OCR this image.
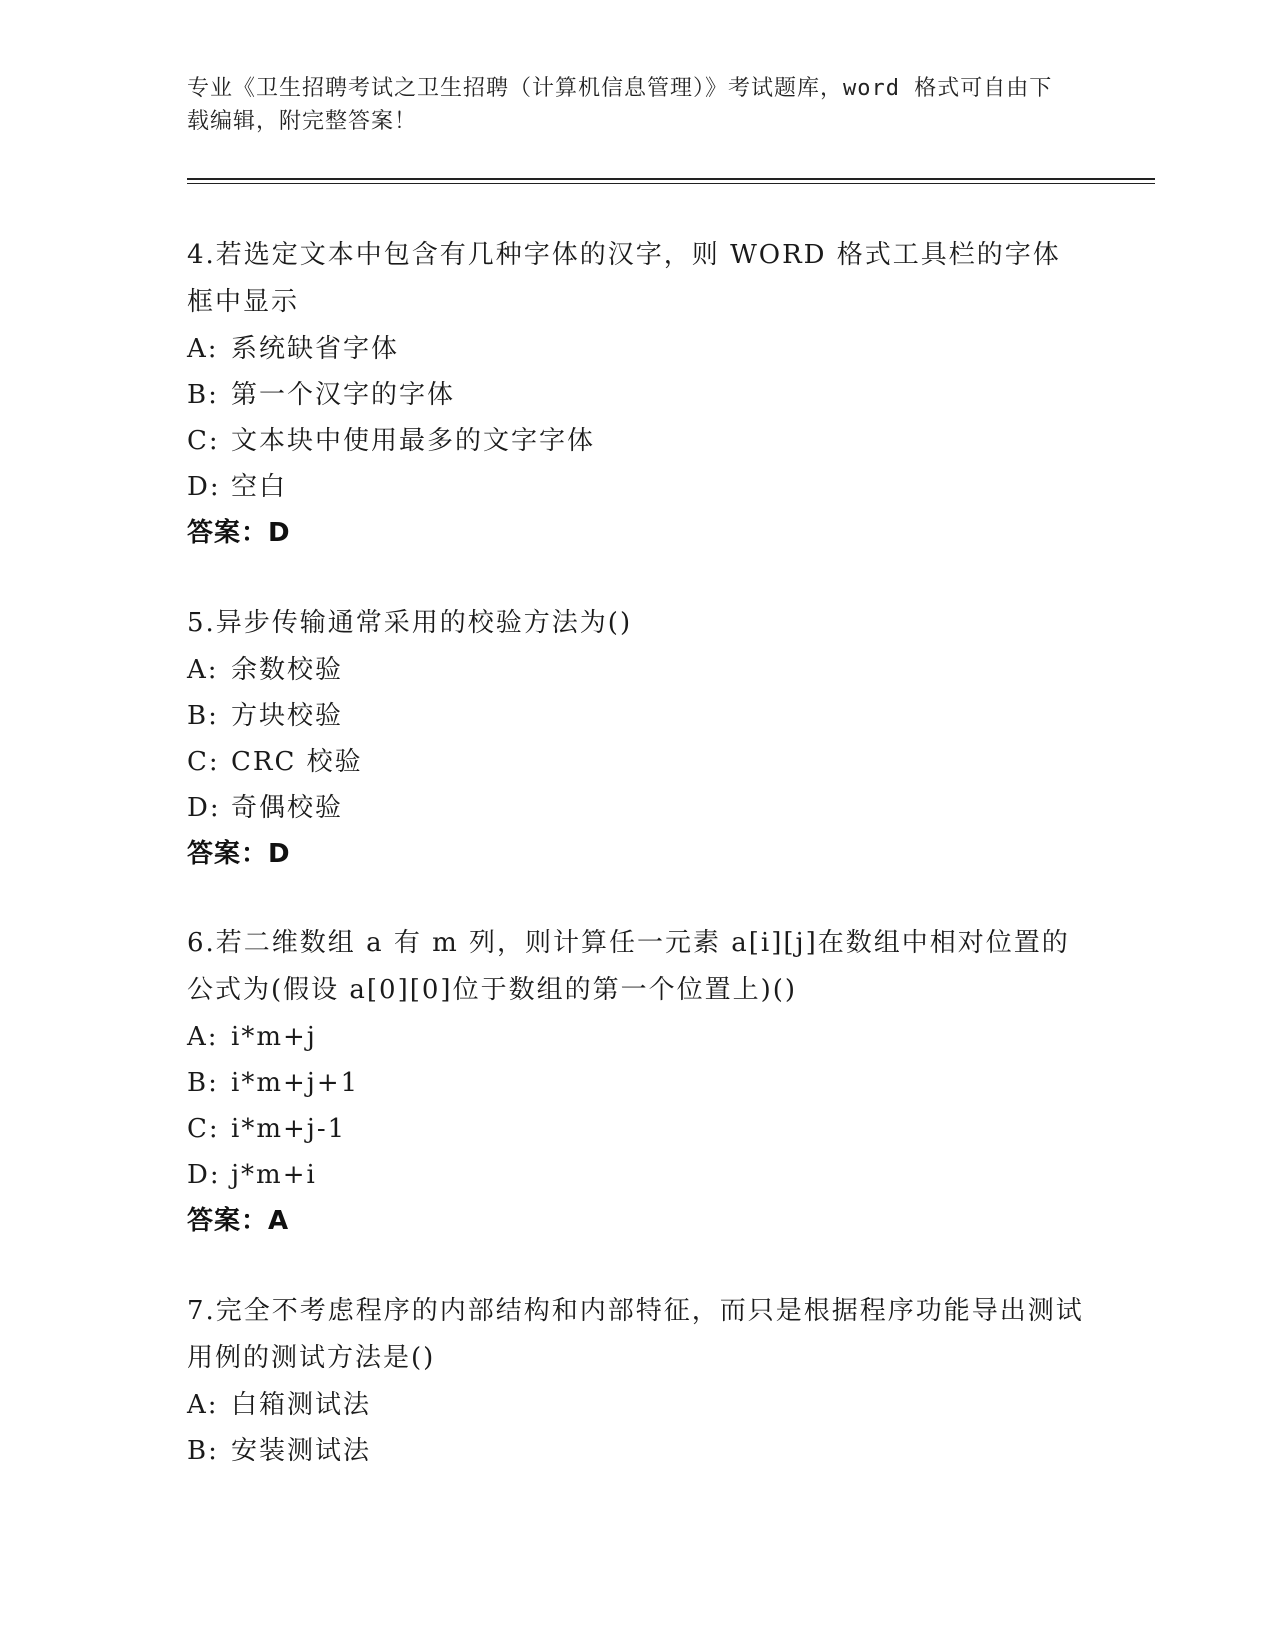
专业《卫生招聘考试之卫生招聘（计算机信息管理）》考试题库，word 格式可自由下载编辑，附完整答案！
4.若选定文本中包含有几种字体的汉字，则 WORD 格式工具栏的字体框中显示
A: 系统缺省字体
B: 第一个汉字的字体
C: 文本块中使用最多的文字字体
D: 空白
答案：D
5.异步传输通常采用的校验方法为()
A: 余数校验
B: 方块校验
C: CRC 校验
D: 奇偶校验
答案：D
6.若二维数组 a 有 m 列，则计算任一元素 a[i][j]在数组中相对位置的公式为(假设 a[0][0]位于数组的第一个位置上)()
A: i*m+j
B: i*m+j+1
C: i*m+j-1
D: j*m+i
答案：A
7.完全不考虑程序的内部结构和内部特征，而只是根据程序功能导出测试用例的测试方法是()
A: 白箱测试法
B: 安装测试法
